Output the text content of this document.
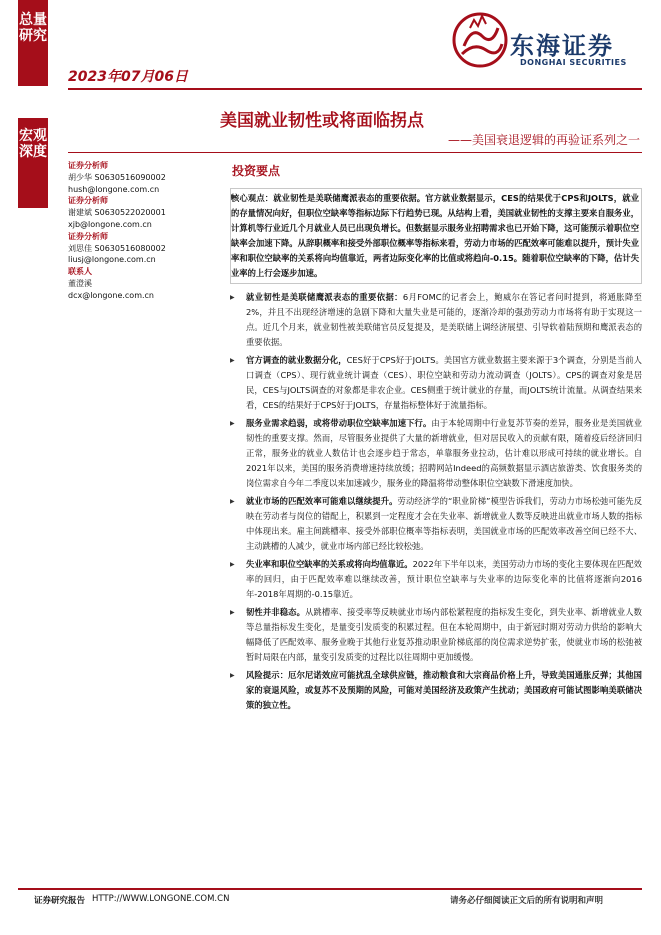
总量研究
宏观深度
2023年07月06日
东海证券
DONGHAI SECURITIES
美国就业韧性或将面临拐点
——美国衰退逻辑的再验证系列之一
证券分析师
胡少华 S0630516090002
hush@longone.com.cn
证券分析师
谢建斌 S0630522020001
xjb@longone.com.cn
证券分析师
刘思佳 S0630516080002
liusj@longone.com.cn
联系人
董澄溪
dcx@longone.com.cn
投资要点
▶ 核心观点：就业韧性是美联储鹰派表态的重要依据。官方就业数据显示，CES的结果优于CPS和JOLTS，就业的存量情况向好，但职位空缺率等指标边际下行趋势已现。从结构上看，美国就业韧性的支撑主要来自服务业，计算机等行业近几个月就业人员已出现负增长。但数据显示服务业招聘需求也已开始下降，这可能预示着职位空缺率会加速下降。从辞职概率和接受外部职位概率等指标来看，劳动力市场的匹配效率可能难以提升，预计失业率和职位空缺率的关系将向均值靠近，两者边际变化率的比值或将趋向-0.15。随着职位空缺率的下降，估计失业率的上行会逐步加速。
▶ 就业韧性是美联储鹰派表态的重要依据：6月FOMC的记者会上，鲍威尔在答记者问时提到，将通胀降至2%，并且不出现经济增速的急剧下降和大量失业是可能的，逐渐冷却的强劲劳动力市场将有助于实现这一点。近几个月来，就业韧性被美联储官员反复提及，是美联储上调经济展望、引导软着陆预期和鹰派表态的重要依据。
▶ 官方调查的就业数据分化，CES好于CPS好于JOLTS。美国官方就业数据主要来源于3个调查，分别是当前人口调查（CPS）、现行就业统计调查（CES）、职位空缺和劳动力流动调查（JOLTS）。CPS的调查对象是居民，CES与JOLTS调查的对象都是非农企业。CES侧重于统计就业的存量，而JOLTS统计流量。从调查结果来看，CES的结果好于CPS好于JOLTS，存量指标整体好于流量指标。
▶ 服务业需求趋弱，或将带动职位空缺率加速下行。由于本轮周期中行业复苏节奏的差异，服务业是美国就业韧性的重要支撑。然而，尽管服务业提供了大量的新增就业，但对居民收入的贡献有限，随着疫后经济回归正常，服务业的就业人数估计也会逐步趋于常态，单靠服务业拉动，估计难以形成可持续的就业增长。自2021年以来，美国的服务消费增速持续放缓；招聘网站Indeed的高频数据显示酒店旅游类、饮食服务类的岗位需求自今年二季度以来加速减少，服务业的降温将带动整体职位空缺数下滑速度加快。
▶ 就业市场的匹配效率可能难以继续提升。劳动经济学的“职业阶梯”模型告诉我们，劳动力市场松弛可能先反映在劳动者与岗位的错配上，积累到一定程度才会在失业率、新增就业人数等反映进出就业市场人数的指标中体现出来。雇主间跳槽率、接受外部职位概率等指标表明，美国就业市场的匹配效率改善空间已经不大、主动跳槽的人减少，就业市场内部已经比较松弛。
▶ 失业率和职位空缺率的关系或将向均值靠近。2022年下半年以来，美国劳动力市场的变化主要体现在匹配效率的回归，由于匹配效率难以继续改善，预计职位空缺率与失业率的边际变化率的比值将逐渐向2016年-2018年周期的-0.15靠近。
▶ 韧性并非稳态。从跳槽率、接受率等反映就业市场内部松紧程度的指标发生变化，到失业率、新增就业人数等总量指标发生变化，是量变引发质变的积累过程。但在本轮周期中，由于新冠时期对劳动力供给的影响大幅降低了匹配效率、服务业晚于其他行业复苏推动职业阶梯底部的岗位需求逆势扩张，使就业市场的松弛被暂时局限在内部，量变引发质变的过程比以往周期中更加缓慢。
▶ 风险提示：厄尔尼诺效应可能扰乱全球供应链，推动粮食和大宗商品价格上升，导致美国通胀反弹；其他国家的衰退风险，或复苏不及预期的风险，可能对美国经济及政策产生扰动；美国政府可能试图影响美联储决策的独立性。
证券研究报告 HTTP://WWW.LONGONE.COM.CN	请务必仔细阅读正文后的所有说明和声明
